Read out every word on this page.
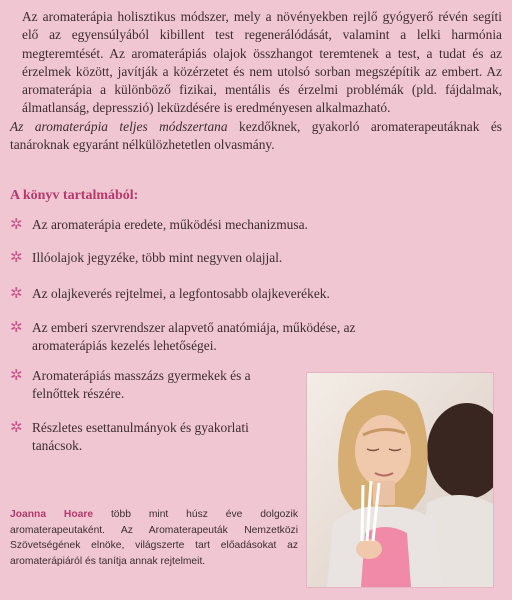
Az aromaterápia holisztikus módszer, mely a növényekben rejlő gyógyerő révén segíti elő az egyensúlyából kibillent test regenerálódását, valamint a lelki harmónia megteremtését. Az aromaterápiás olajok összhangot teremtenek a test, a tudat és az érzelmek között, javítják a közérzetet és nem utolsó sorban megszépítik az embert. Az aromaterápia a különböző fizikai, mentális és érzelmi problémák (pld. fájdalmak, álmatlanság, depresszió) leküzdésére is eredményesen alkalmazható. Az aromaterápia teljes módszertana kezdőknek, gyakorló aromaterapeutáknak és tanároknak egyaránt nélkülözhetetlen olvasmány.
A könyv tartalmából:
✲ Az aromaterápia eredete, működési mechanizmusa.
✲ Illóolajok jegyzéke, több mint negyven olajjal.
✲ Az olajkeverés rejtelmei, a legfontosabb olajkeverékek.
✲ Az emberi szervrendszer alapvető anatómiája, működése, az aromaterápiás kezelés lehetőségei.
✲ Aromaterápiás masszázs gyermekek és a felnőttek részére.
✲ Részletes esettanulmányok és gyakorlati tanácsok.
Joanna Hoare több mint húsz éve dolgozik aromaterapeutaként. Az Aromaterapeuták Nemzetközi Szövetségének elnöke, világszerte tart előadásokat az aromaterápiáról és tanítja annak rejtelmeit.
